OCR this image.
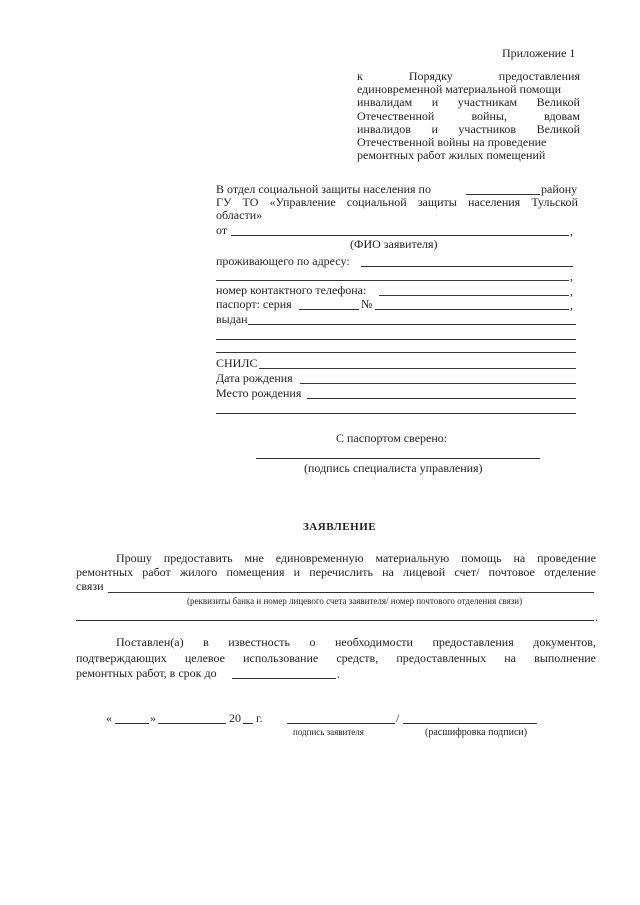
Приложение 1
к	Порядку	предоставления
единовременной материальной помощи
инвалидам и участникам Великой
Отечественной	войны,	вдовам
инвалидов и участников Великой
Отечественной войны на проведение
ремонтных работ жилых помещений
В отдел социальной защиты населения по	району
ГУ ТО «Управление социальной защиты населения Тульской
области»
от	,
(ФИО заявителя)
проживающего по адресу:
,
номер контактного телефона:	,
паспорт: серия	№	,
выдан
СНИЛС
Дата рождения
Место рождения
С паспортом сверено:
(подпись специалиста управления)
ЗАЯВЛЕНИЕ
Прошу предоставить мне единовременную материальную помощь на проведение
ремонтных работ жилого помещения и перечислить на лицевой счет/ почтовое отделение
связи
(реквизиты банка и номер лицевого счета заявителя/ номер почтового отделения связи)
.
Поставлен(а) в известность о необходимости предоставления документов,
подтверждающих целевое использование средств, предоставленных на выполнение
ремонтных работ, в срок до	.
«	»	20 г.	/
подпись заявителя	(расшифровка подписи)
